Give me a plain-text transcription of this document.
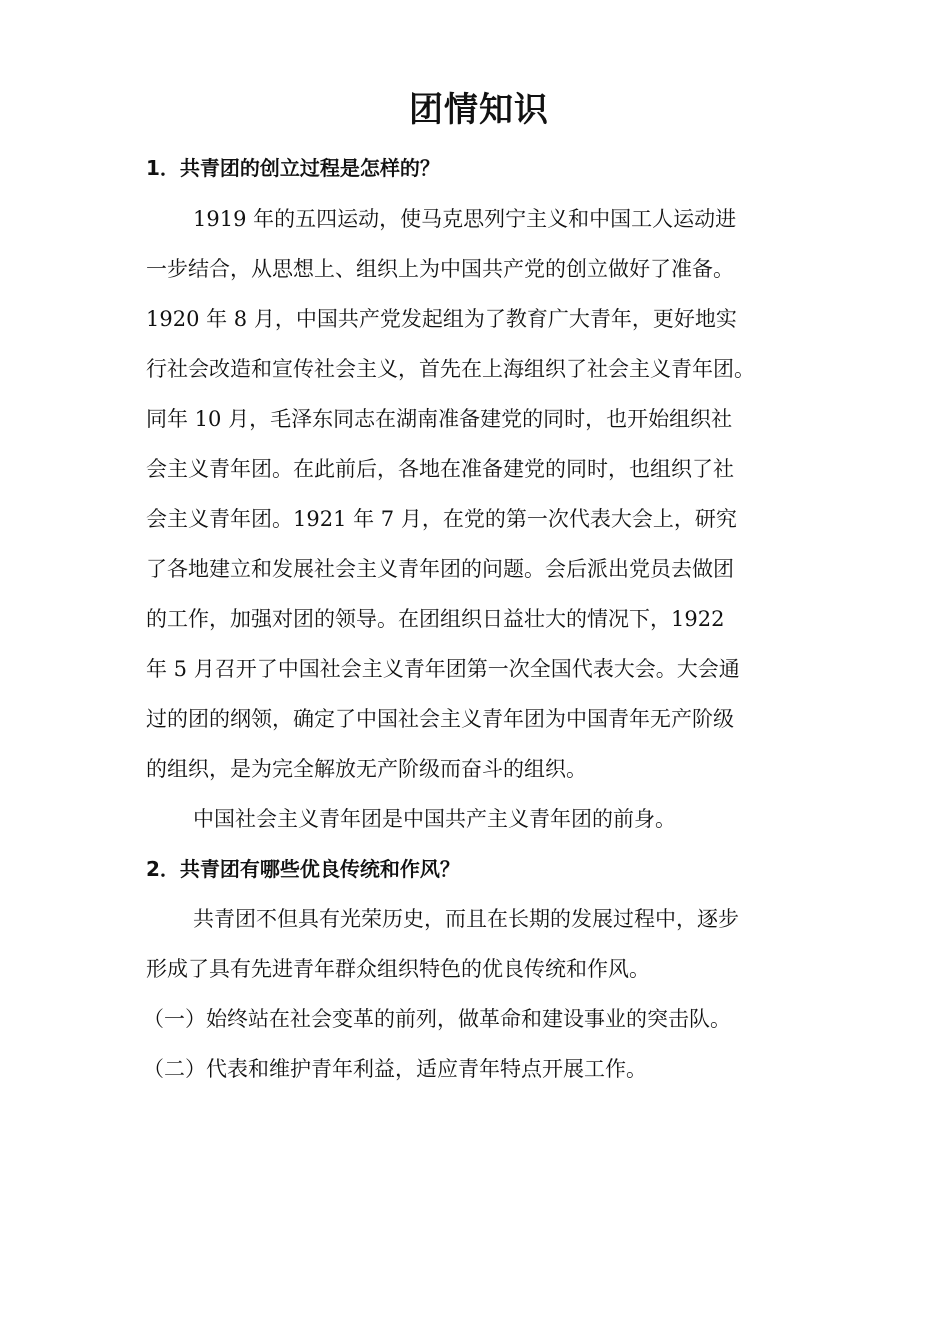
团情知识
1．共青团的创立过程是怎样的？
1919 年的五四运动，使马克思列宁主义和中国工人运动进
一步结合，从思想上、组织上为中国共产党的创立做好了准备。
1920 年 8 月，中国共产党发起组为了教育广大青年，更好地实
行社会改造和宣传社会主义，首先在上海组织了社会主义青年团。
同年 10 月，毛泽东同志在湖南准备建党的同时，也开始组织社
会主义青年团。在此前后，各地在准备建党的同时，也组织了社
会主义青年团。1921 年 7 月，在党的第一次代表大会上，研究
了各地建立和发展社会主义青年团的问题。会后派出党员去做团
的工作，加强对团的领导。在团组织日益壮大的情况下，1922
年 5 月召开了中国社会主义青年团第一次全国代表大会。大会通
过的团的纲领，确定了中国社会主义青年团为中国青年无产阶级
的组织，是为完全解放无产阶级而奋斗的组织。
中国社会主义青年团是中国共产主义青年团的前身。
2．共青团有哪些优良传统和作风？
共青团不但具有光荣历史，而且在长期的发展过程中，逐步
形成了具有先进青年群众组织特色的优良传统和作风。
（一）始终站在社会变革的前列，做革命和建设事业的突击队。
（二）代表和维护青年利益，适应青年特点开展工作。
